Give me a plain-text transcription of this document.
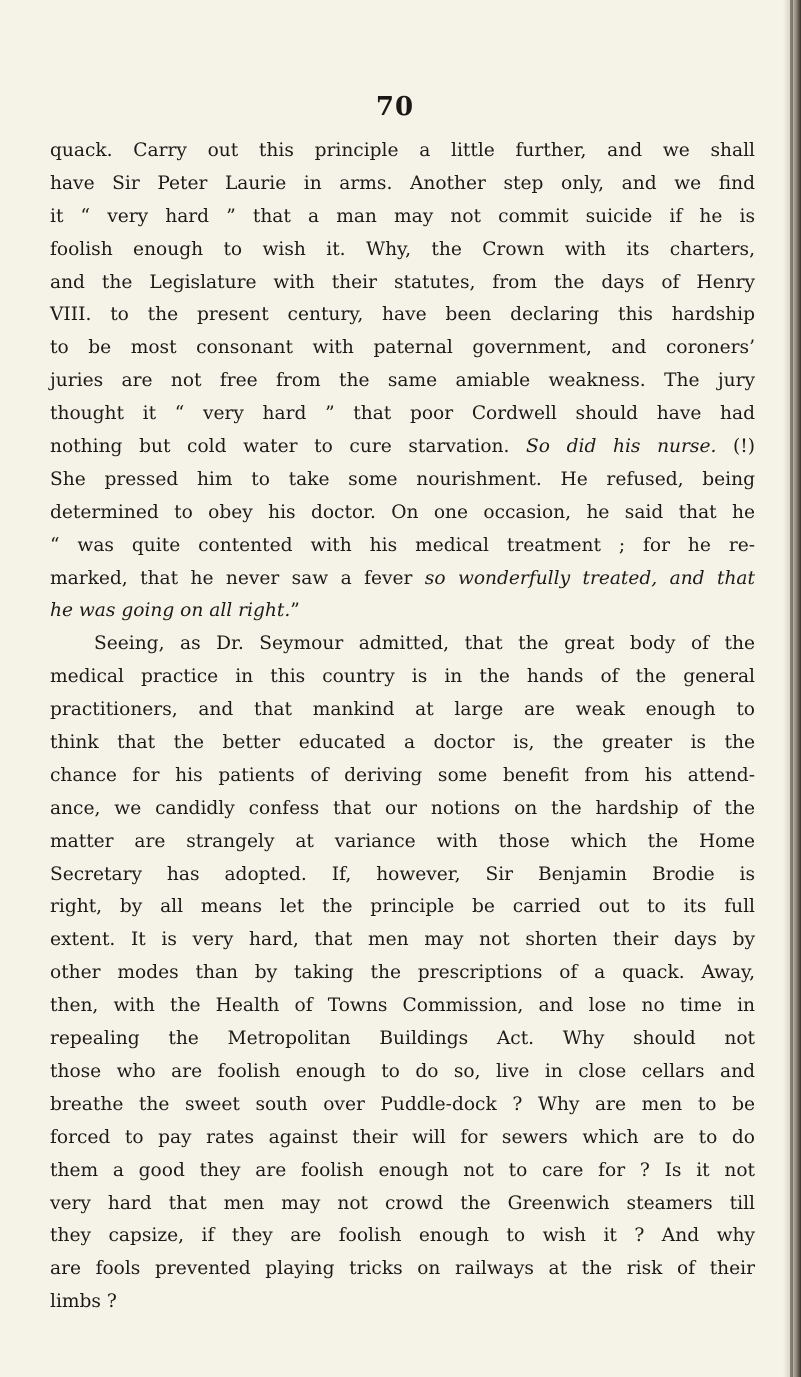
70
quack. Carry out this principle a little further, and we shall
have Sir Peter Laurie in arms. Another step only, and we find
it “ very hard ” that a man may not commit suicide if he is
foolish enough to wish it. Why, the Crown with its charters,
and the Legislature with their statutes, from the days of Henry
VIII. to the present century, have been declaring this hardship
to be most consonant with paternal government, and coroners’
juries are not free from the same amiable weakness. The jury
thought it “ very hard ” that poor Cordwell should have had
nothing but cold water to cure starvation. So did his nurse. (!)
She pressed him to take some nourishment. He refused, being
determined to obey his doctor. On one occasion, he said that he
“ was quite contented with his medical treatment ; for he re-
marked, that he never saw a fever so wonderfully treated, and that
he was going on all right.”
Seeing, as Dr. Seymour admitted, that the great body of the
medical practice in this country is in the hands of the general
practitioners, and that mankind at large are weak enough to
think that the better educated a doctor is, the greater is the
chance for his patients of deriving some benefit from his attend-
ance, we candidly confess that our notions on the hardship of the
matter are strangely at variance with those which the Home
Secretary has adopted. If, however, Sir Benjamin Brodie is
right, by all means let the principle be carried out to its full
extent. It is very hard, that men may not shorten their days by
other modes than by taking the prescriptions of a quack. Away,
then, with the Health of Towns Commission, and lose no time in
repealing the Metropolitan Buildings Act. Why should not
those who are foolish enough to do so, live in close cellars and
breathe the sweet south over Puddle-dock ? Why are men to be
forced to pay rates against their will for sewers which are to do
them a good they are foolish enough not to care for ? Is it not
very hard that men may not crowd the Greenwich steamers till
they capsize, if they are foolish enough to wish it ? And why
are fools prevented playing tricks on railways at the risk of their
limbs ?
